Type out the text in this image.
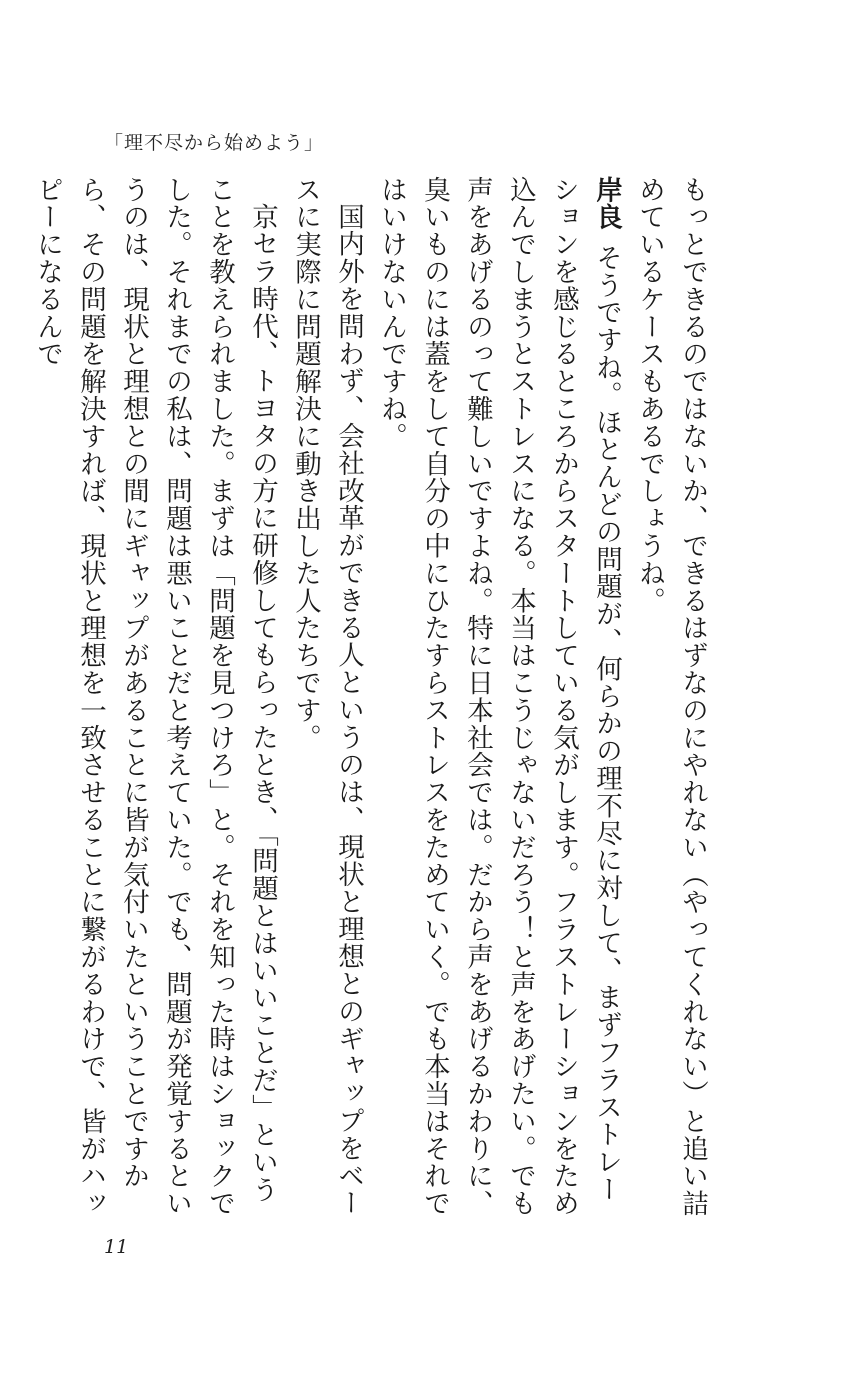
「理不尽から始めよう」

もっとできるのではないか、できるはずなのにやれない（やってくれない）と追い詰めているケースもあるでしょうね。

岸良そうですね。ほとんどの問題が、何らかの理不尽に対して、まずフラストレーションを感じるところからスタートしている気がします。フラストレーションをため込んでしまうとストレスになる。本当はこうじゃないだろう！と声をあげたい。でも声をあげるのって難しいですよね。特に日本社会では。だから声をあげるかわりに、臭いものには蓋をして自分の中にひたすらストレスをためていく。でも本当はそれではいけないんですね。

国内外を問わず、会社改革ができる人というのは、現状と理想とのギャップをベースに実際に問題解決に動き出した人たちです。

京セラ時代、トヨタの方に研修してもらったとき、「問題とはいいことだ」ということを教えられました。まずは「問題を見つけろ」と。それを知った時はショックでした。それまでの私は、問題は悪いことだと考えていた。でも、問題が発覚するというのは、現状と理想との間にギャップがあることに皆が気付いたということですから、その問題を解決すれば、現状と理想を一致させることに繋がるわけで、皆がハッピーになるんで

11
